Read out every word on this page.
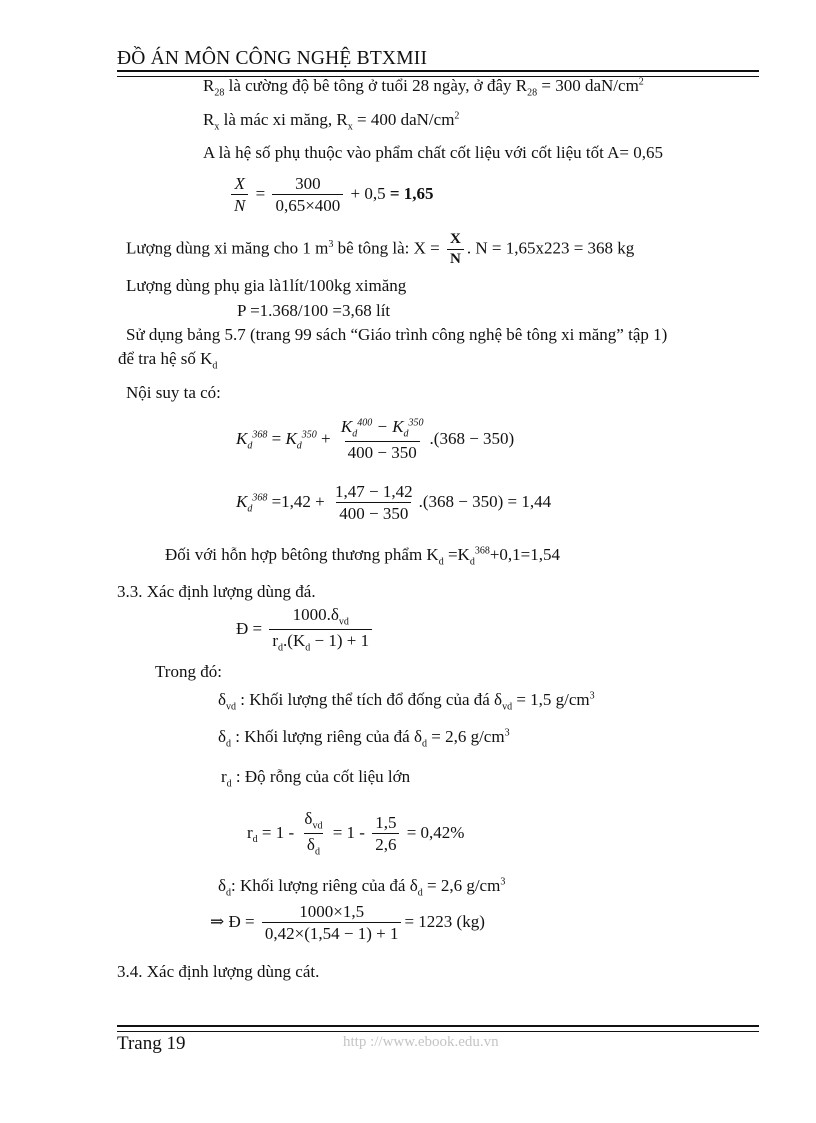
ĐỒ ÁN MÔN CÔNG NGHỆ BTXMII
$R_{28}$ là cường độ bê tông ở tuổi 28 ngày, ở đây $R_{28} = 300$ daN/$cm^2$
$R_x$ là mác xi măng, $R_x = 400$ daN/$cm^2$
A là hệ số phụ thuộc vào phẩm chất cốt liệu với cốt liệu tốt A= 0,65
$\frac{X}{N} = \frac{300}{0,65\times 400} + 0,5 = 1,65$
Lượng dùng xi măng cho 1 $m^3$ bê tông là: $X = \frac{X}{N}$ . N = 1,65x223 = 368 kg
Lượng dùng phụ gia là1lít/100kg ximăng
P =1.368/100 =3,68 lít
Sử dụng bảng 5.7 (trang 99 sách “Giáo trình công nghệ bê tông xi măng” tập 1)
để tra hệ số $K_d$
Nội suy ta có:
$K_d^{368} = K_d^{350} + \frac{K_d^{400} - K_d^{350}}{400 - 350} .(368 - 350)$
$K_d^{368} =1,42 + \frac{1,47 - 1,42}{400 - 350} .(368 - 350) = 1,44$
Đối với hỗn hợp bêtông thương phẩm $K_d =K_d^{368}+0,1=1,54$
3.3. Xác định lượng dùng đá.
Đ = $\frac{1000.\delta_{vd}}{r_d.(K_d - 1) + 1}$
Trong đó:
$\delta_{vd}$ : Khối lượng thể tích đổ đống của đá $\delta_{vd} = 1,5$ $g/cm^3$
$\delta_d$ : Khối lượng riêng của đá $\delta_d = 2,6$ $g/cm^3$
$r_d$ : Độ rỗng của cốt liệu lớn
$r_d = 1 - \frac{\delta_{vd}}{\delta_d} = 1 - \frac{1,5}{2,6} = 0,42\%$
$\delta_d$: Khối lượng riêng của đá $\delta_d = 2,6$ $g/cm^3$
⇒ Đ = $\frac{1000\times 1,5}{0,42\times(1,54 - 1) + 1} = 1223$ (kg)
3.4. Xác định lượng dùng cát.
Trang 19	http ://www.ebook.edu.vn
